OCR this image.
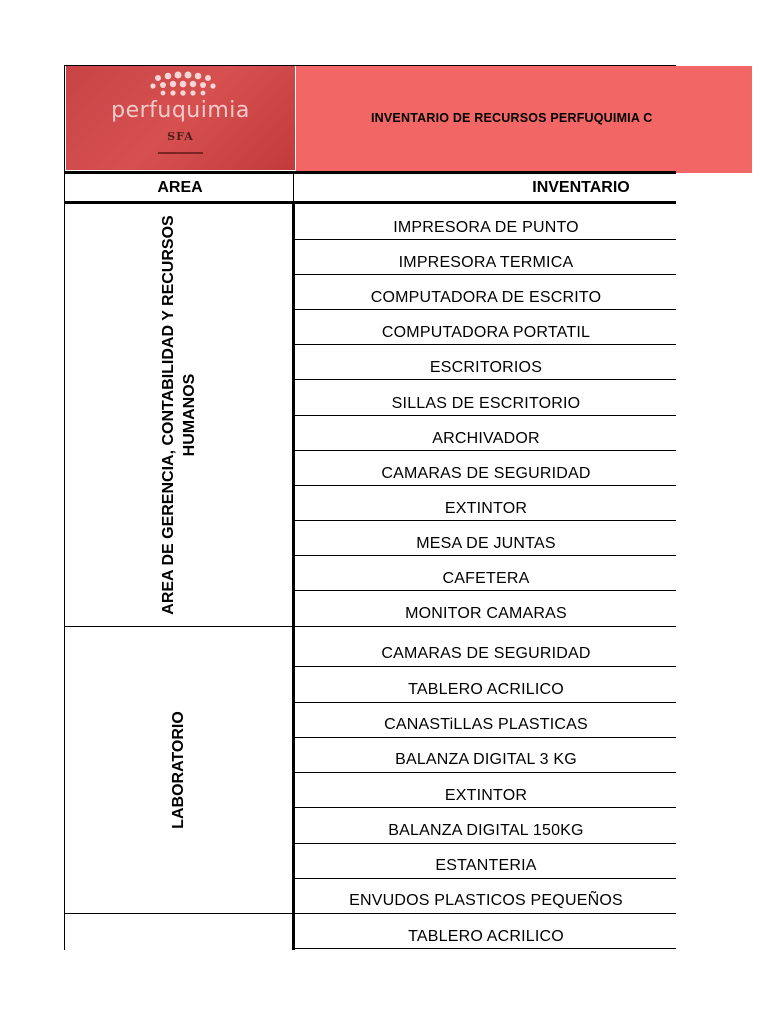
perfuquimia
SFA
INVENTARIO DE RECURSOS PERFUQUIMIA C
AREA	INVENTARIO
AREA DE GERENCIA, CONTABILIDAD Y RECURSOS HUMANOS
LABORATORIO
IMPRESORA DE PUNTO
IMPRESORA TERMICA
COMPUTADORA DE ESCRITO
COMPUTADORA PORTATIL
ESCRITORIOS
SILLAS DE ESCRITORIO
ARCHIVADOR
CAMARAS DE SEGURIDAD
EXTINTOR
MESA DE JUNTAS
CAFETERA
MONITOR CAMARAS
CAMARAS DE SEGURIDAD
TABLERO ACRILICO
CANASTiLLAS PLASTICAS
BALANZA DIGITAL 3 KG
EXTINTOR
BALANZA DIGITAL 150KG
ESTANTERIA
ENVUDOS PLASTICOS PEQUEÑOS
TABLERO ACRILICO
